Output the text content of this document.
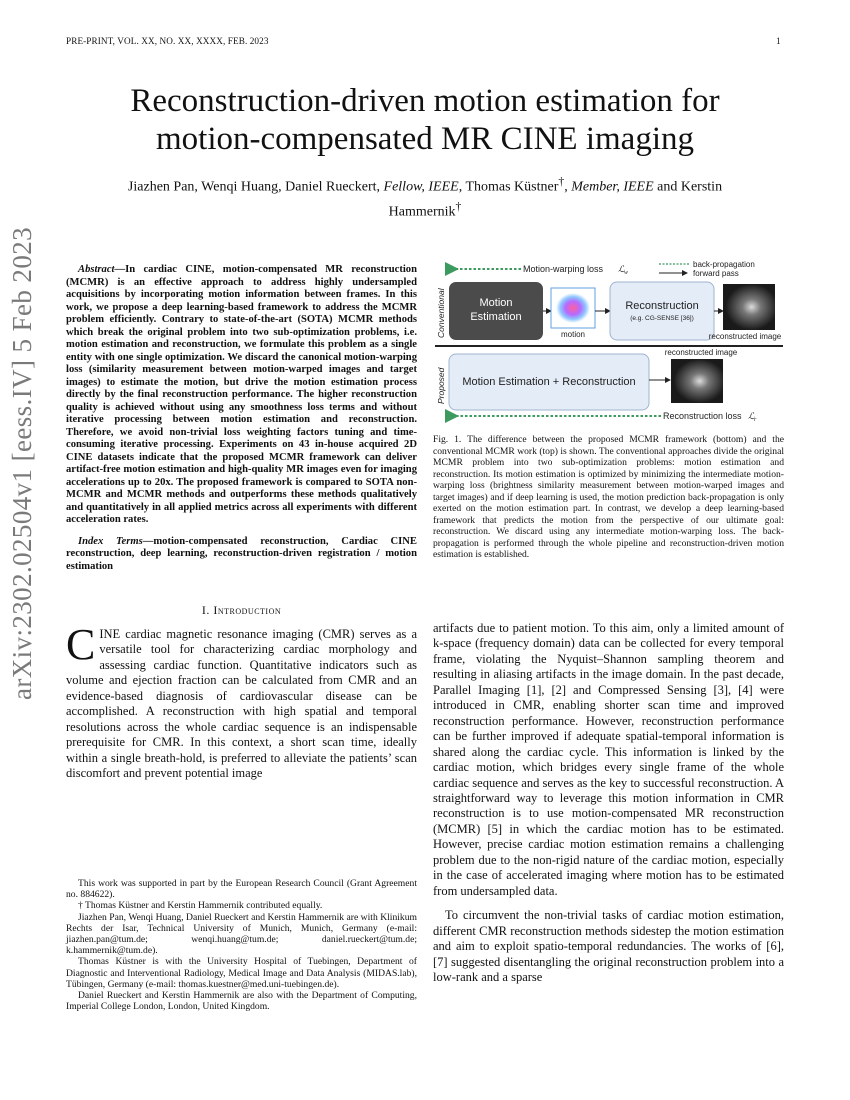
PRE-PRINT, VOL. XX, NO. XX, XXXX, FEB. 2023	1
arXiv:2302.02504v1 [eess.IV] 5 Feb 2023
Reconstruction-driven motion estimation for
motion-compensated MR CINE imaging
Jiazhen Pan, Wenqi Huang, Daniel Rueckert, Fellow, IEEE, Thomas Küstner†, Member, IEEE and Kerstin Hammernik†

Abstract—In cardiac CINE, motion-compensated MR reconstruction (MCMR) is an effective approach to address highly undersampled acquisitions by incorporating motion information between frames. In this work, we propose a deep learning-based framework to address the MCMR problem efficiently. Contrary to state-of-the-art (SOTA) MCMR methods which break the original problem into two sub-optimization problems, i.e. motion estimation and reconstruction, we formulate this problem as a single entity with one single optimization. We discard the canonical motion-warping loss (similarity measurement between motion-warped images and target images) to estimate the motion, but drive the motion estimation process directly by the final reconstruction performance. The higher reconstruction quality is achieved without using any smoothness loss terms and without iterative processing between motion estimation and reconstruction. Therefore, we avoid non-trivial loss weighting factors tuning and time-consuming iterative processing. Experiments on 43 in-house acquired 2D CINE datasets indicate that the proposed MCMR framework can deliver artifact-free motion estimation and high-quality MR images even for imaging accelerations up to 20x. The proposed framework is compared to SOTA non-MCMR and MCMR methods and outperforms these methods qualitatively and quantitatively in all applied metrics across all experiments with different acceleration rates.

Index Terms—motion-compensated reconstruction, Cardiac CINE reconstruction, deep learning, reconstruction-driven registration / motion estimation

I. Introduction

CINE cardiac magnetic resonance imaging (CMR) serves as a versatile tool for characterizing cardiac morphology and assessing cardiac function. Quantitative indicators such as volume and ejection fraction can be calculated from CMR and an evidence-based diagnosis of cardiovascular disease can be accomplished. A reconstruction with high spatial and temporal resolutions across the whole cardiac sequence is an indispensable prerequisite for CMR. In this context, a short scan time, ideally within a single breath-hold, is preferred to alleviate the patients’ scan discomfort and prevent potential image

This work was supported in part by the European Research Council (Grant Agreement no. 884622).

† Thomas Küstner and Kerstin Hammernik contributed equally.

Jiazhen Pan, Wenqi Huang, Daniel Rueckert and Kerstin Hammernik are with Klinikum Rechts der Isar, Technical University of Munich, Munich, Germany (e-mail: jiazhen.pan@tum.de; wenqi.huang@tum.de; daniel.rueckert@tum.de; k.hammernik@tum.de).

Thomas Küstner is with the University Hospital of Tuebingen, Department of Diagnostic and Interventional Radiology, Medical Image and Data Analysis (MIDAS.lab), Tübingen, Germany (e-mail: thomas.kuestner@med.uni-tuebingen.de).

Daniel Rueckert and Kerstin Hammernik are also with the Department of Computing, Imperial College London, London, United Kingdom.

back-propagation
forward pass
Motion-warping loss ℒ w
Conventional
Proposed
Motion
Estimation
motion
Reconstruction
(e.g. CG-SENSE [36])
reconstructed image
Motion Estimation + Reconstruction
reconstructed image
Reconstruction loss ℒ r

Fig. 1. The difference between the proposed MCMR framework (bottom) and the conventional MCMR work (top) is shown. The conventional approaches divide the original MCMR problem into two sub-optimization problems: motion estimation and reconstruction. Its motion estimation is optimized by minimizing the intermediate motion-warping loss (brightness similarity measurement between motion-warped images and target images) and if deep learning is used, the motion prediction back-propagation is only exerted on the motion estimation part. In contrast, we develop a deep learning-based framework that predicts the motion from the perspective of our ultimate goal: reconstruction. We discard using any intermediate motion-warping loss. The back-propagation is performed through the whole pipeline and reconstruction-driven motion estimation is established.

artifacts due to patient motion. To this aim, only a limited amount of k-space (frequency domain) data can be collected for every temporal frame, violating the Nyquist–Shannon sampling theorem and resulting in aliasing artifacts in the image domain. In the past decade, Parallel Imaging [1], [2] and Compressed Sensing [3], [4] were introduced in CMR, enabling shorter scan time and improved reconstruction performance. However, reconstruction performance can be further improved if adequate spatial-temporal information is shared along the cardiac cycle. This information is linked by the cardiac motion, which bridges every single frame of the whole cardiac sequence and serves as the key to successful reconstruction. A straightforward way to leverage this motion information in CMR reconstruction is to use motion-compensated MR reconstruction (MCMR) [5] in which the cardiac motion has to be estimated. However, precise cardiac motion estimation remains a challenging problem due to the non-rigid nature of the cardiac motion, especially in the case of accelerated imaging where motion has to be estimated from undersampled data.

To circumvent the non-trivial tasks of cardiac motion estimation, different CMR reconstruction methods sidestep the motion estimation and aim to exploit spatio-temporal redundancies. The works of [6], [7] suggested disentangling the original reconstruction problem into a low-rank and a sparse
